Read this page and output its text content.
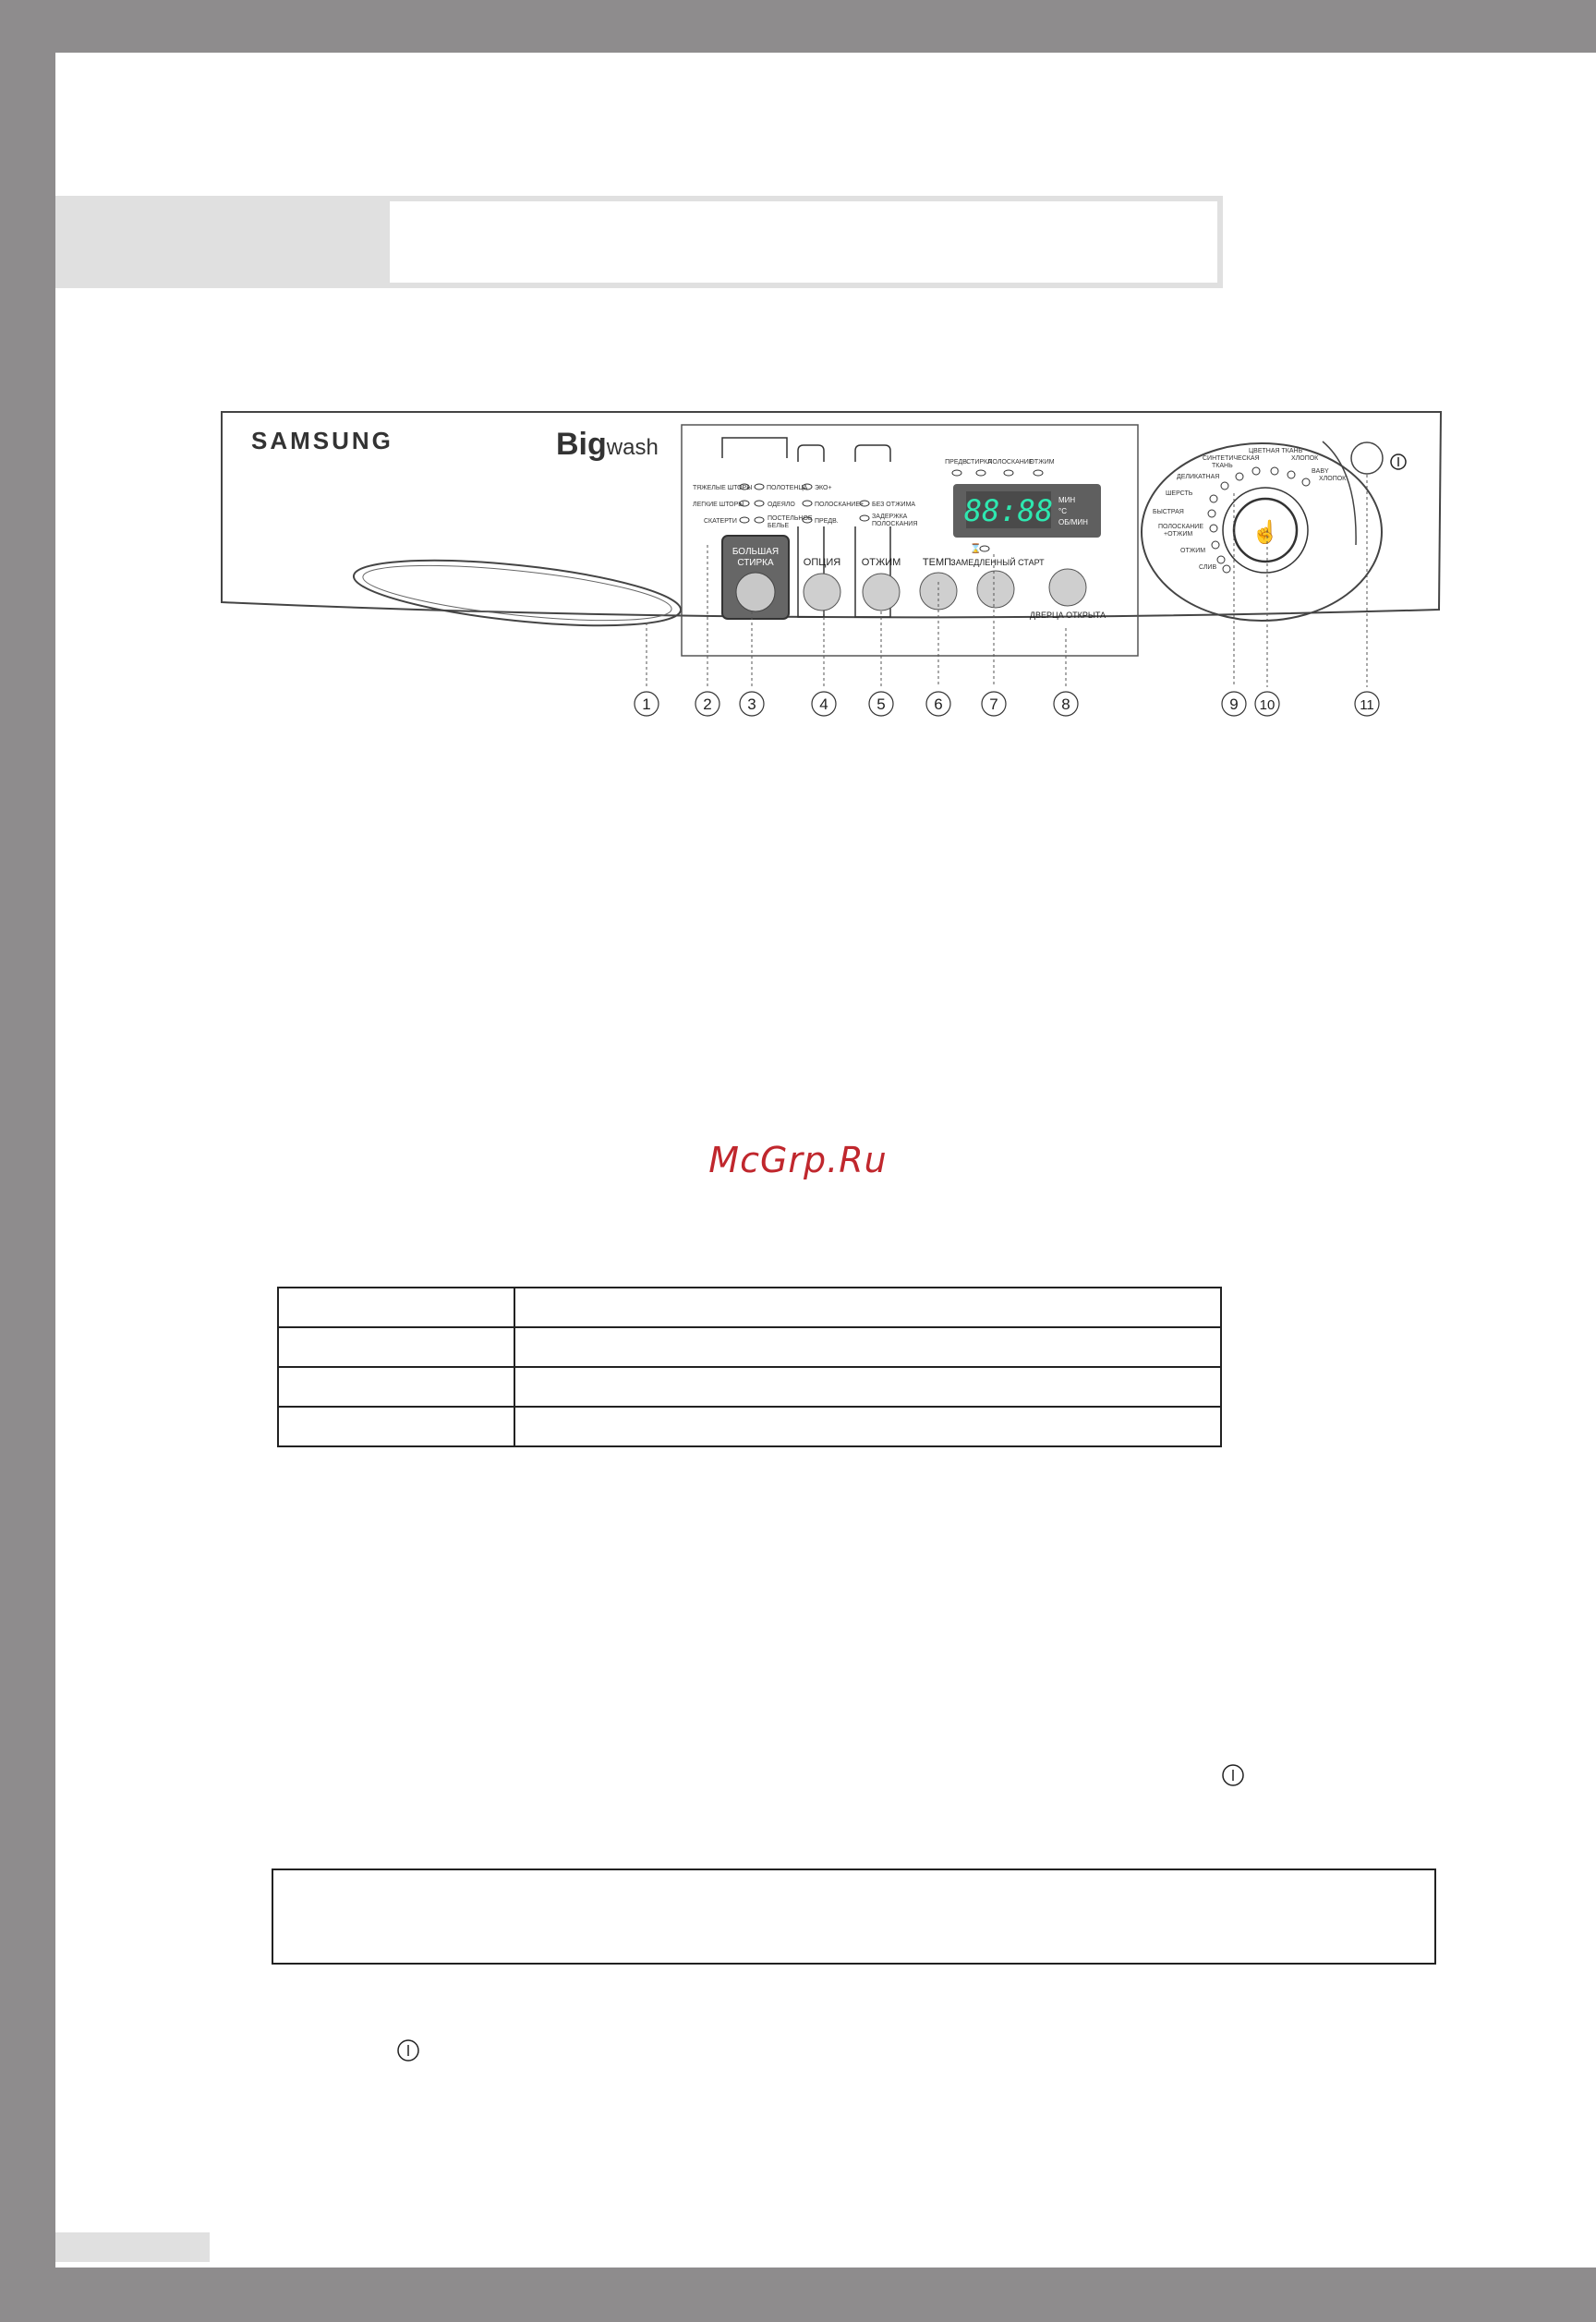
SAMSUNG	Bigwash
ТЯЖЕЛЫЕ ШТОРЫ
ЛЕГКИЕ ШТОРЫ
СКАТЕРТИ
ПОЛОТЕНЦА
ОДЕЯЛО
ПОСТЕЛЬНОЕ
БЕЛЬЕ
БОЛЬШАЯ
СТИРКА
ЭКО+
ПОЛОСКАНИЕ+
ПРЕДВ.
ОПЦИЯ
БЕЗ ОТЖИМА
ЗАДЕРЖКА
ПОЛОСКАНИЯ
ОТЖИМ ТЕМП.
⌛
ЗАМЕДЛЕННЫЙ СТАРТ
ДВЕРЦА ОТКРЫТА
ПРЕДВ.
СТИРКА
ПОЛОСКАНИЕ
ОТЖИМ
88:88 МИН
°C
ОБ/МИН	☝
ДЕЛИКАТНАЯ
СИНТЕТИЧЕСКАЯ
ТКАНЬ
ЦВЕТНАЯ ТКАНЬ
ХЛОПОК
BABY
ХЛОПОК
ШЕРСТЬ
БЫСТРАЯ
ПОЛОСКАНИЕ
+ОТЖИМ
ОТЖИМ
СЛИВ
1	2 3	4	5	6	7	8	9 10	11
McGrp.Ru
